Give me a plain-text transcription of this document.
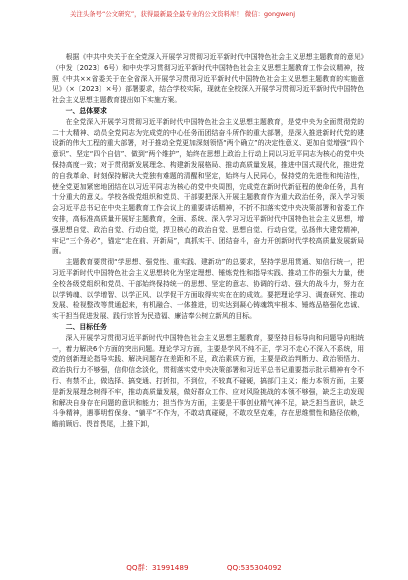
关注头条号“公文研究”，获得最新最全最专业的公文资料库！ 微信：gongwenj

根据《中共中央关于在全党深入开展学习贯彻习近平新时代中国特色社会主义思想主题教育的意见》（中发〔2023〕6号）和中央学习贯彻习近平新时代中国特色社会主义思想主题教育工作会议精神，按照《中共××省委关于在全省深入开展学习贯彻习近平新时代中国特色社会主义思想主题教育的实施意见》（×〔2023〕×号）部署要求，结合学校实际，现就在全校深入开展学习贯彻习近平新时代中国特色社会主义思想主题教育提出如下实施方案。

一、总体要求

在全党深入开展学习贯彻习近平新时代中国特色社会主义思想主题教育，是党中央为全面贯彻党的二十大精神、动员全党同志为完成党的中心任务而团结奋斗所作的重大部署，是深入推进新时代党的建设新的伟大工程的重大部署，对于推动全党更加深刻领悟“两个确立”的决定性意义、更加自觉增强“四个意识”、坚定“四个自信”、做到“两个维护”，始终在思想上政治上行动上同以习近平同志为核心的党中央保持高度一致；对于贯彻新发展理念、构建新发展格局、推动高质量发展，推进中国式现代化，推进党的自我革命、时刻保持解决大党独有难题的清醒和坚定，始终与人民同心，保持党的先进性和纯洁性，使全党更加紧密地团结在以习近平同志为核心的党中央周围，完成党在新时代新征程的使命任务，具有十分重大的意义。学校各级党组织和党员、干部要把深入开展主题教育作为重大政治任务，深入学习领会习近平总书记在中央主题教育工作会议上的重要讲话精神，不折不扣落实党中央决策部署和省委工作安排，高标准高质量开展好主题教育，全面、系统、深入学习习近平新时代中国特色社会主义思想，增强思想自觉、政治自觉、行动自觉，捍卫核心的政治自觉、思想自觉、行动自觉，弘扬伟大建党精神，牢记“三个务必”，锚定“走在前、开新局”，真抓实干、团结奋斗，奋力开创新时代学校高质量发展新局面。

主题教育要贯彻“学思想、强党性、重实践、建新功”的总要求，坚持学思用贯通、知信行统一，把习近平新时代中国特色社会主义思想转化为坚定理想、锤炼党性和指导实践、推动工作的强大力量，使全校各级党组织和党员、干部始终保持统一的思想、坚定的意志、协调的行动、强大的战斗力，努力在以学铸魂、以学增智、以学正风、以学促干方面取得实实在在的成效。要把理论学习、调查研究、推动发展、检视整改等贯通起来，有机融合、一体推进，切实达到凝心铸魂筑牢根本、锤炼品格强化忠诚、实干担当促进发展、践行宗旨为民造福、廉洁奉公树立新风的目标。

二、目标任务

深入开展学习贯彻习近平新时代中国特色社会主义思想主题教育，要坚持目标导向和问题导向相统一，着力解决6个方面的突出问题。理论学习方面，主要是学风不纯不正，学习不走心不深入不系统，用党的创新理论指导实践、解决问题存在差距和不足，政治素质方面，主要是政治判断力、政治领悟力、政治执行力不够强，信仰信念淡化，贯彻落实党中央决策部署和习近平总书记重要指示批示精神有令不行、有禁不止，做选择、搞变通、打折扣，不到位，不较真不碰硬，搞部门主义；能力本领方面，主要是新发展理念树得不牢，推动高质量发展，做好群众工作、应对风险挑战的本领不够强，缺乏主动发现和解决自身存在问题的意识和能力；担当作为方面，主要是干事创业精气神不足，缺乏担当意识，缺乏斗争精神，遇事明哲保身、“躺平”不作为，不敢动真碰硬，不敢攻坚克难，存在思维惯性和路径依赖，瞻前顾后、畏首畏尾，上推下卸，

QQ群：31991489	QQ:535304092
